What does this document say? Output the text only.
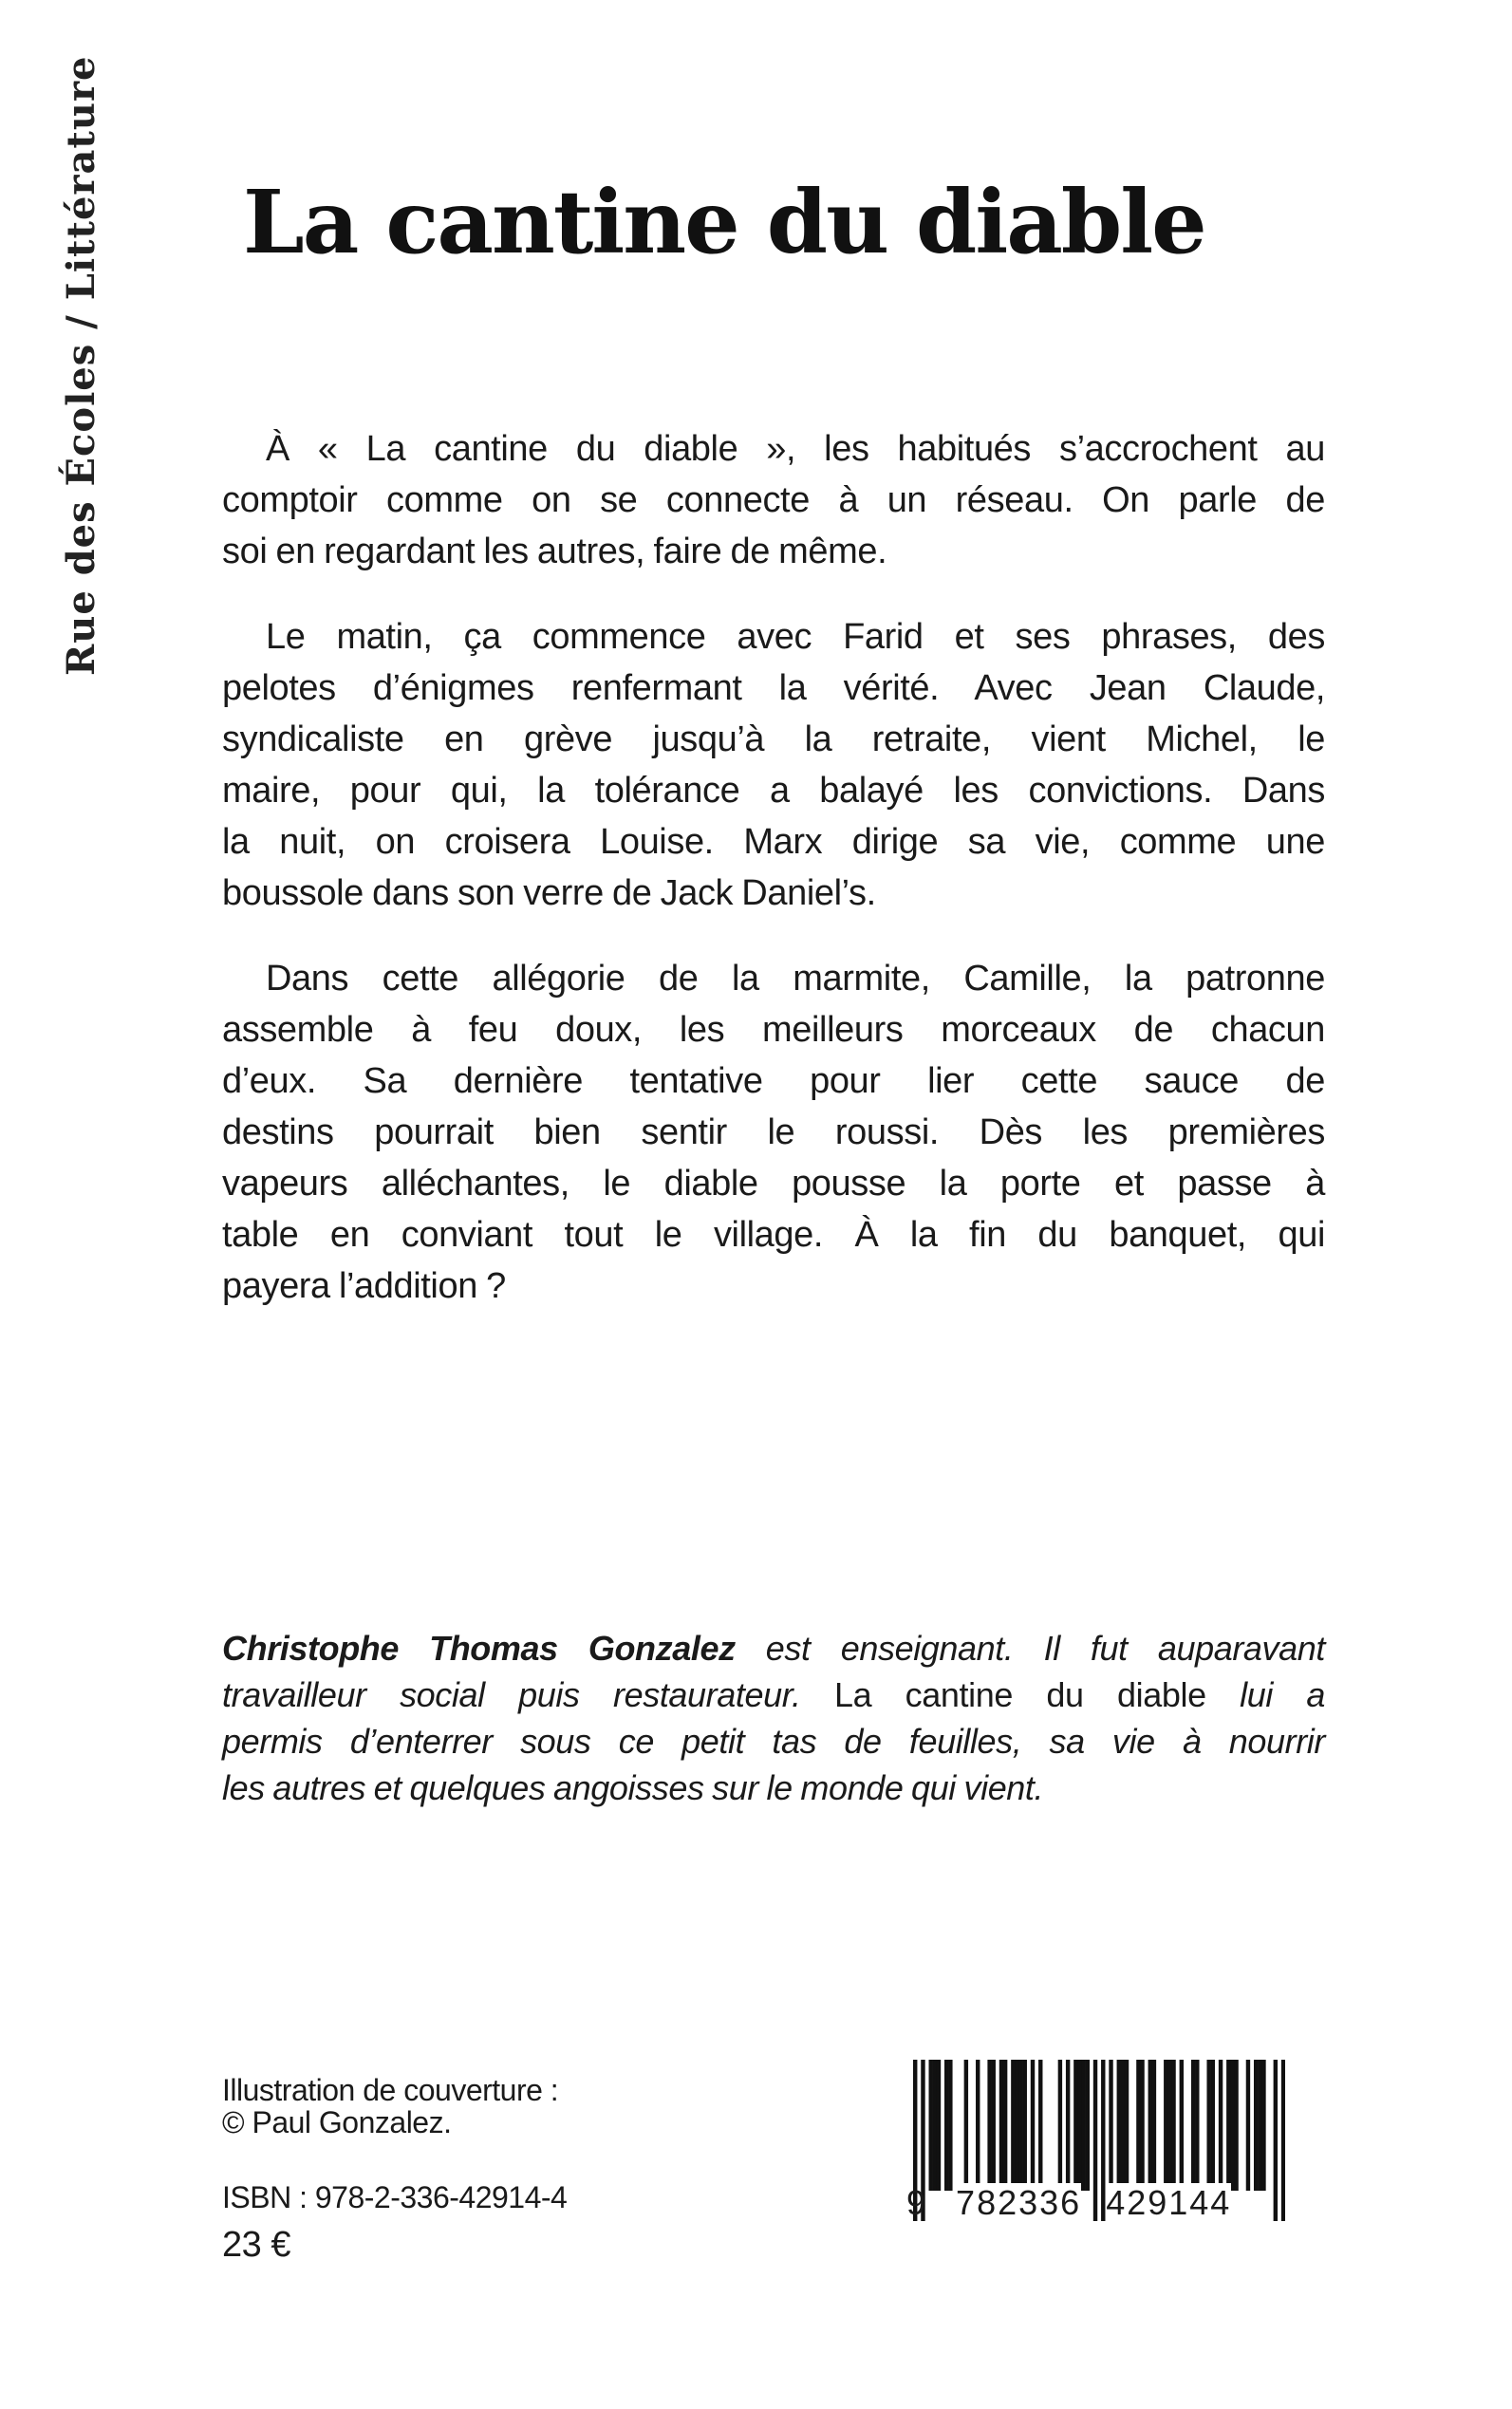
Rue des Écoles / Littérature La cantine du diable
À « La cantine du diable », les habitués s’accrochent au
comptoir comme on se connecte à un réseau. On parle de
soi en regardant les autres, faire de même.
Le matin, ça commence avec Farid et ses phrases, des
pelotes d’énigmes renfermant la vérité. Avec Jean Claude,
syndicaliste en grève jusqu’à la retraite, vient Michel, le
maire, pour qui, la tolérance a balayé les convictions. Dans
la nuit, on croisera Louise. Marx dirige sa vie, comme une
boussole dans son verre de Jack Daniel’s.
Dans cette allégorie de la marmite, Camille, la patronne
assemble à feu doux, les meilleurs morceaux de chacun
d’eux. Sa dernière tentative pour lier cette sauce de
destins pourrait bien sentir le roussi. Dès les premières
vapeurs alléchantes, le diable pousse la porte et passe à
table en conviant tout le village. À la fin du banquet, qui
payera l’addition ?
Christophe Thomas Gonzalez est enseignant. Il fut auparavant
travailleur social puis restaurateur. La cantine du diable lui a
permis d’enterrer sous ce petit tas de feuilles, sa vie à nourrir
les autres et quelques angoisses sur le monde qui vient.
Illustration de couverture :
© Paul Gonzalez.
ISBN : 978-2-336-42914-4
23 €
9 782336 429144
